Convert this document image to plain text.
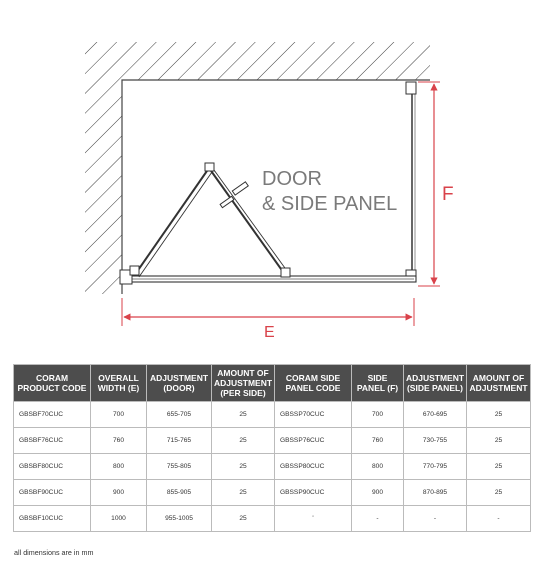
DOOR
& SIDE PANEL F
E
CORAM PRODUCT CODE	OVERALL WIDTH (E)	ADJUSTMENT (DOOR)	AMOUNT OF ADJUSTMENT (PER SIDE)	CORAM SIDE PANEL CODE	SIDE PANEL (F)	ADJUSTMENT (SIDE PANEL)	AMOUNT OF ADJUSTMENT
GBSBF70CUC	700	655-705	25	GBSSP70CUC	700	670-695	25
GBSBF76CUC	760	715-765	25	GBSSP76CUC	760	730-755	25
GBSBF80CUC	800	755-805	25	GBSSP80CUC	800	770-795	25
GBSBF90CUC	900	855-905	25	GBSSP90CUC	900	870-895	25
GBSBF10CUC	1000	955-1005	25	'	-	-	-
all dimensions are in mm
